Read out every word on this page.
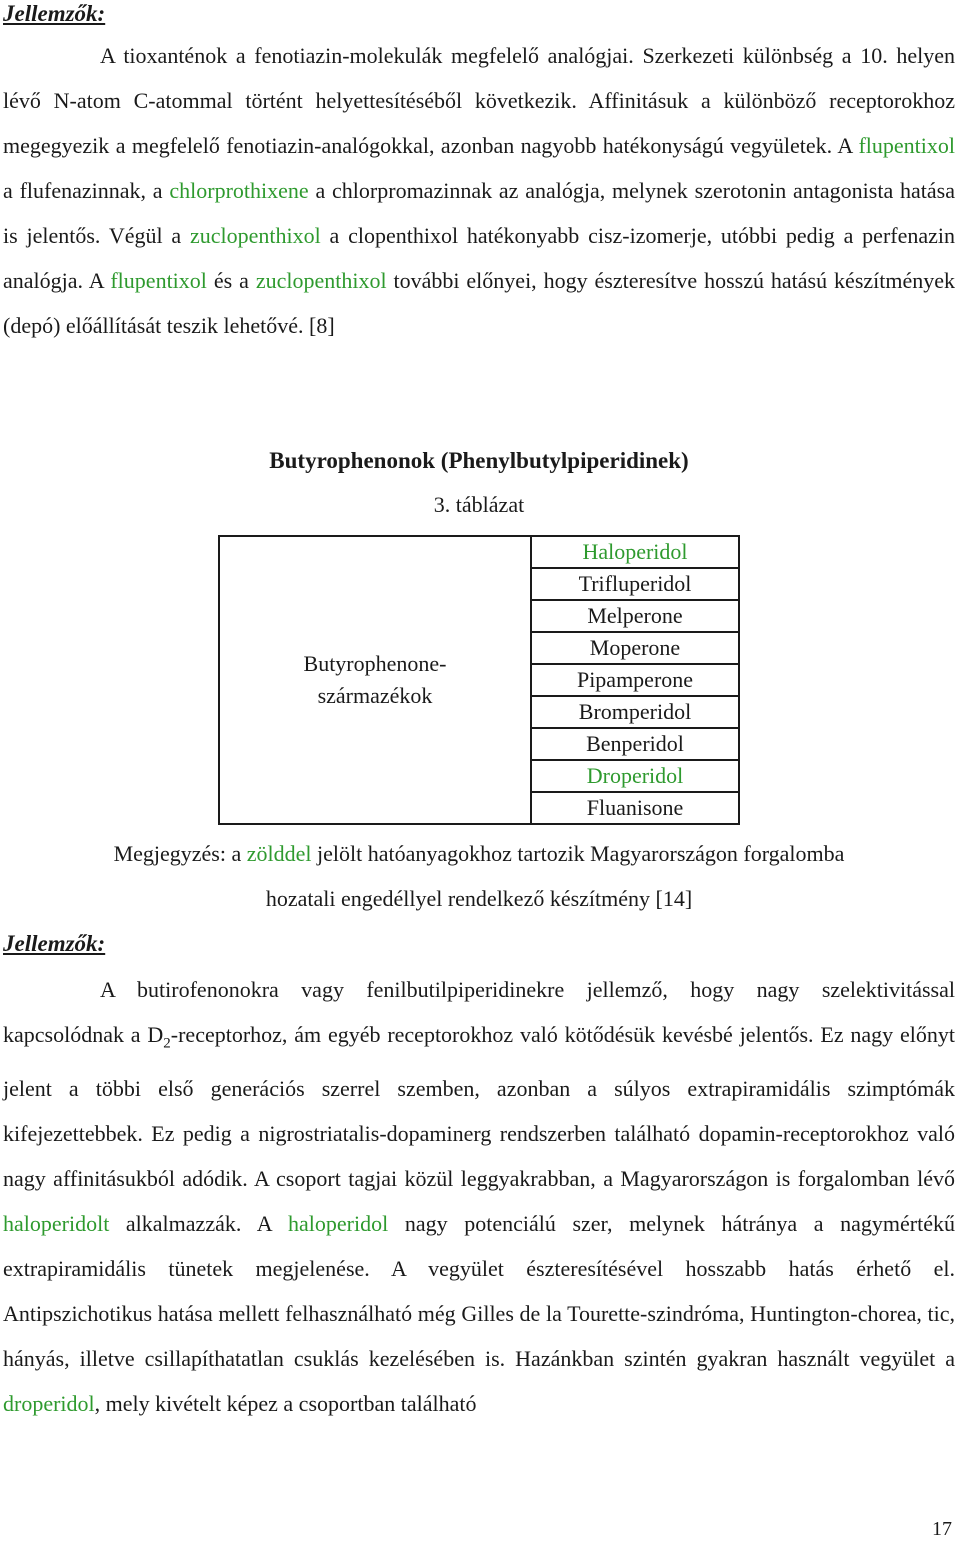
Jellemzők:

A tioxanténok a fenotiazin-molekulák megfelelő analógjai. Szerkezeti különbség a 10. helyen lévő N-atom C-atommal történt helyettesítéséből következik. Affinitásuk a különböző receptorokhoz megegyezik a megfelelő fenotiazin-analógokkal, azonban nagyobb hatékonyságú vegyületek. A flupentixol a flufenazinnak, a chlorprothixene a chlorpromazinnak az analógja, melynek szerotonin antagonista hatása is jelentős. Végül a zuclopenthixol a clopenthixol hatékonyabb cisz-izomerje, utóbbi pedig a perfenazin analógja. A flupentixol és a zuclopenthixol további előnyei, hogy észteresítve hosszú hatású készítmények (depó) előállítását teszik lehetővé. [8]

Butyrophenonok (Phenylbutylpiperidinek)
3. táblázat
Butyrophenone-
származékok	Haloperidol
Trifluperidol
Melperone
Moperone
Pipamperone
Bromperidol
Benperidol
Droperidol
Fluanisone
Megjegyzés: a zölddel jelölt hatóanyagokhoz tartozik Magyarországon forgalomba
hozatali engedéllyel rendelkező készítmény [14]
Jellemzők:

A butirofenonokra vagy fenilbutilpiperidinekre jellemző, hogy nagy szelektivitással kapcsolódnak a $D_2$-receptorhoz, ám egyéb receptorokhoz való kötődésük kevésbé jelentős. Ez nagy előnyt jelent a többi első generációs szerrel szemben, azonban a súlyos extrapiramidális szimptómák kifejezettebbek. Ez pedig a nigrostriatalis-dopaminerg rendszerben található dopamin-receptorokhoz való nagy affinitásukból adódik. A csoport tagjai közül leggyakrabban, a Magyarországon is forgalomban lévő haloperidolt alkalmazzák. A haloperidol nagy potenciálú szer, melynek hátránya a nagymértékű extrapiramidális tünetek megjelenése. A vegyület észteresítésével hosszabb hatás érhető el. Antipszichotikus hatása mellett felhasználható még Gilles de la Tourette-szindróma, Huntington-chorea, tic, hányás, illetve csillapíthatatlan csuklás kezelésében is. Hazánkban szintén gyakran használt vegyület a droperidol, mely kivételt képez a csoportban található

17
